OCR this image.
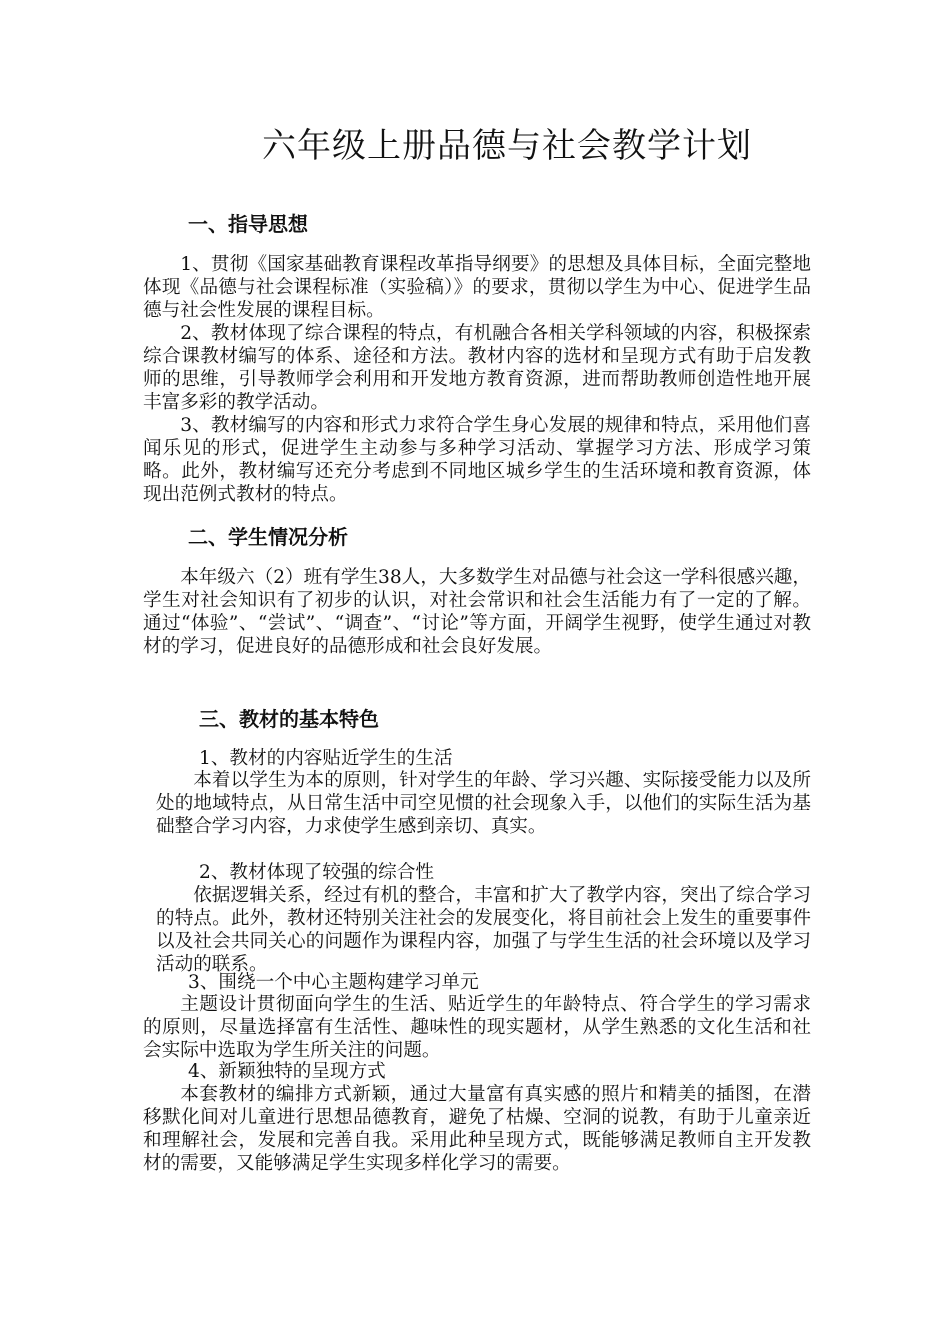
六年级上册品德与社会教学计划
一、指导思想

1、贯彻《国家基础教育课程改革指导纲要》的思想及具体目标，全面完整地体现《品德与社会课程标准（实验稿）》的要求，贯彻以学生为中心、促进学生品德与社会性发展的课程目标。

2、教材体现了综合课程的特点，有机融合各相关学科领域的内容，积极探索综合课教材编写的体系、途径和方法。教材内容的选材和呈现方式有助于启发教师的思维，引导教师学会利用和开发地方教育资源，进而帮助教师创造性地开展丰富多彩的教学活动。

3、教材编写的内容和形式力求符合学生身心发展的规律和特点，采用他们喜闻乐见的形式，促进学生主动参与多种学习活动、掌握学习方法、形成学习策略。此外，教材编写还充分考虑到不同地区城乡学生的生活环境和教育资源，体现出范例式教材的特点。

二、学生情况分析

本年级六（2）班有学生38人，大多数学生对品德与社会这一学科很感兴趣，学生对社会知识有了初步的认识，对社会常识和社会生活能力有了一定的了解。通过“体验”、“尝试”、“调查”、“讨论”等方面，开阔学生视野，使学生通过对教材的学习，促进良好的品德形成和社会良好发展。

三、教材的基本特色
1、教材的内容贴近学生的生活

本着以学生为本的原则，针对学生的年龄、学习兴趣、实际接受能力以及所处的地域特点，从日常生活中司空见惯的社会现象入手，以他们的实际生活为基础整合学习内容，力求使学生感到亲切、真实。

2、教材体现了较强的综合性

依据逻辑关系，经过有机的整合，丰富和扩大了教学内容，突出了综合学习的特点。此外，教材还特别关注社会的发展变化，将目前社会上发生的重要事件以及社会共同关心的问题作为课程内容，加强了与学生生活的社会环境以及学习活动的联系。

3、围绕一个中心主题构建学习单元

主题设计贯彻面向学生的生活、贴近学生的年龄特点、符合学生的学习需求的原则，尽量选择富有生活性、趣味性的现实题材，从学生熟悉的文化生活和社会实际中选取为学生所关注的问题。

4、新颖独特的呈现方式

本套教材的编排方式新颖，通过大量富有真实感的照片和精美的插图，在潜移默化间对儿童进行思想品德教育，避免了枯燥、空洞的说教，有助于儿童亲近和理解社会，发展和完善自我。采用此种呈现方式，既能够满足教师自主开发教材的需要，又能够满足学生实现多样化学习的需要。
